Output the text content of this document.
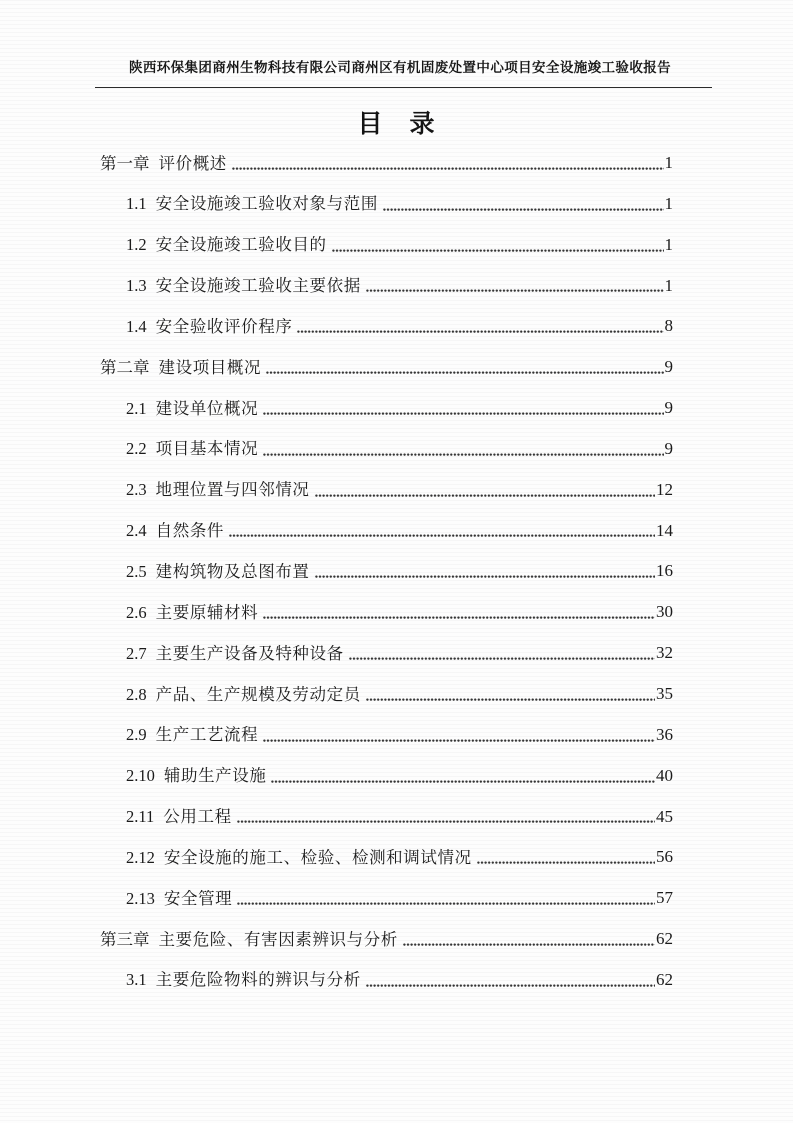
陕西环保集团商州生物科技有限公司商州区有机固废处置中心项目安全设施竣工验收报告
目　录
第一章 评价概述	1
1.1 安全设施竣工验收对象与范围	1
1.2 安全设施竣工验收目的	1
1.3 安全设施竣工验收主要依据	1
1.4 安全验收评价程序	8
第二章 建设项目概况	9
2.1 建设单位概况	9
2.2 项目基本情况	9
2.3 地理位置与四邻情况	12
2.4 自然条件	14
2.5 建构筑物及总图布置	16
2.6 主要原辅材料	30
2.7 主要生产设备及特种设备	32
2.8 产品、生产规模及劳动定员	35
2.9 生产工艺流程	36
2.10 辅助生产设施	40
2.11 公用工程	45
2.12 安全设施的施工、检验、检测和调试情况	56
2.13 安全管理	57
第三章 主要危险、有害因素辨识与分析	62
3.1 主要危险物料的辨识与分析	62
